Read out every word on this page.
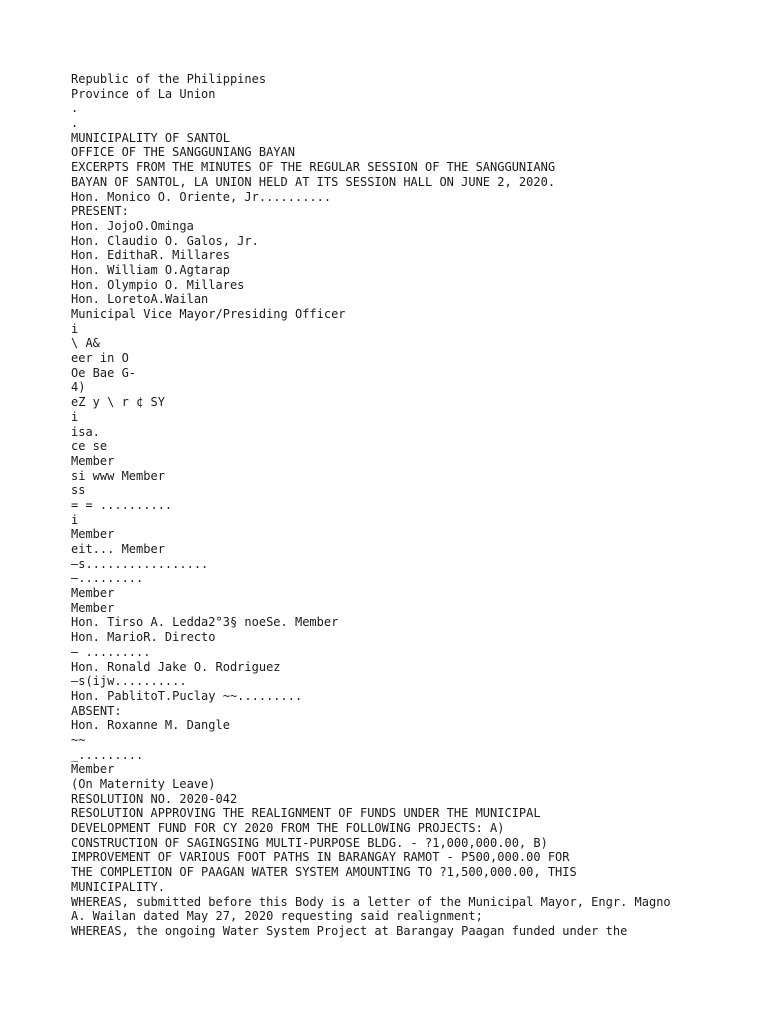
Republic of the Philippines
Province of La Union
.
.
MUNICIPALITY OF SANTOL
OFFICE OF THE SANGGUNIANG BAYAN
EXCERPTS FROM THE MINUTES OF THE REGULAR SESSION OF THE SANGGUNIANG
BAYAN OF SANTOL, LA UNION HELD AT ITS SESSION HALL ON JUNE 2, 2020.
Hon. Monico O. Oriente, Jr..........
PRESENT:
Hon. JojoO.Ominga
Hon. Claudio O. Galos, Jr.
Hon. EdithaR. Millares
Hon. William O.Agtarap
Hon. Olympio O. Millares
Hon. LoretoA.Wailan
Municipal Vice Mayor/Presiding Officer
i
\ A&
eer in O
Oe Bae G-
4)
eZ y \ r ¢ SY
i
isa.
ce se
Member
si www Member
ss
= = ..........
i
Member
eit... Member
—s.................
—.........
Member
Member
Hon. Tirso A. Ledda2°3§ noeSe. Member
Hon. MarioR. Directo
— .........
Hon. Ronald Jake O. Rodriguez
—s(ijw..........
Hon. PablitoT.Puclay ~~.........
ABSENT:
Hon. Roxanne M. Dangle
~~
_.........
Member
(On Maternity Leave)
RESOLUTION NO. 2020-042
RESOLUTION APPROVING THE REALIGNMENT OF FUNDS UNDER THE MUNICIPAL
DEVELOPMENT FUND FOR CY 2020 FROM THE FOLLOWING PROJECTS: A)
CONSTRUCTION OF SAGINGSING MULTI-PURPOSE BLDG. - ?1,000,000.00, B)
IMPROVEMENT OF VARIOUS FOOT PATHS IN BARANGAY RAMOT - P500,000.00 FOR
THE COMPLETION OF PAAGAN WATER SYSTEM AMOUNTING TO ?1,500,000.00, THIS
MUNICIPALITY.
WHEREAS, submitted before this Body is a letter of the Municipal Mayor, Engr. Magno
A. Wailan dated May 27, 2020 requesting said realignment;
WHEREAS, the ongoing Water System Project at Barangay Paagan funded under the
